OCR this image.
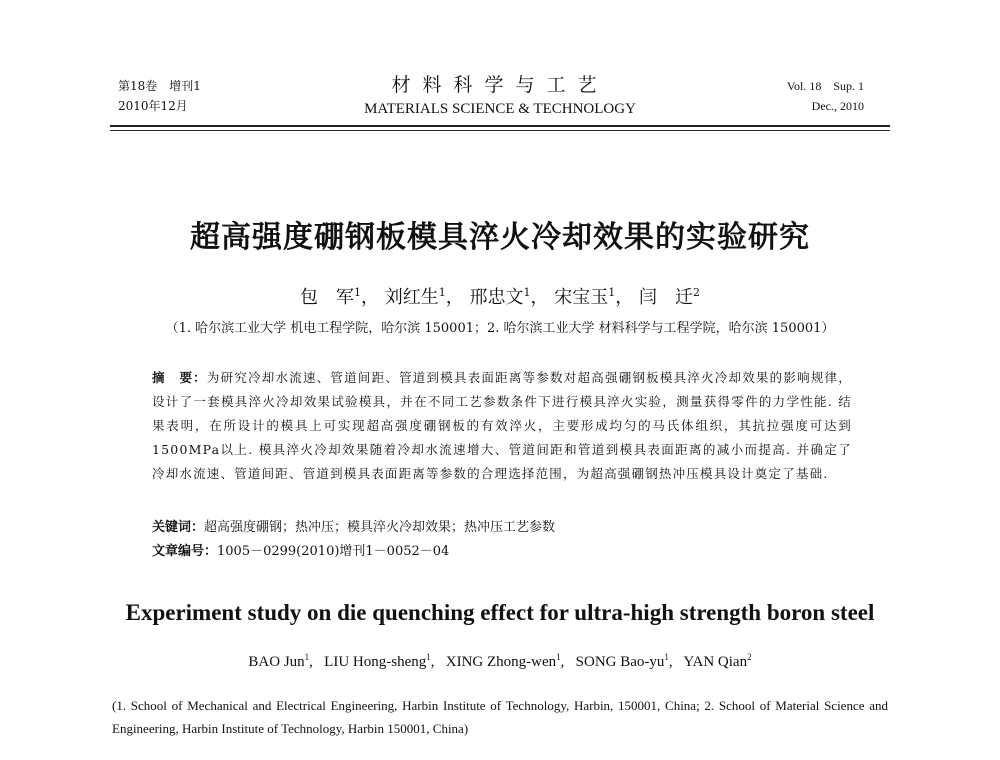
第18卷　增刊1
2010年12月
材料科学与工艺
MATERIALS SCIENCE & TECHNOLOGY
Vol. 18　Sup. 1
Dec., 2010
超高强度硼钢板模具淬火冷却效果的实验研究
包　军$^1$， 刘红生$^1$， 邢忠文$^1$， 宋宝玉$^1$， 闫　迁$^2$
（1. 哈尔滨工业大学 机电工程学院，哈尔滨 150001；2. 哈尔滨工业大学 材料科学与工程学院，哈尔滨 150001）
摘　要：为研究冷却水流速、管道间距、管道到模具表面距离等参数对超高强硼钢板模具淬火冷却效果的影响规律，设计了一套模具淬火冷却效果试验模具，并在不同工艺参数条件下进行模具淬火实验，测量获得零件的力学性能. 结果表明，在所设计的模具上可实现超高强度硼钢板的有效淬火，主要形成均匀的马氏体组织，其抗拉强度可达到1500MPa以上. 模具淬火冷却效果随着冷却水流速增大、管道间距和管道到模具表面距离的减小而提高. 并确定了冷却水流速、管道间距、管道到模具表面距离等参数的合理选择范围，为超高强硼钢热冲压模具设计奠定了基础.
关键词：超高强度硼钢；热冲压；模具淬火冷却效果；热冲压工艺参数
文章编号：1005－0299(2010)增刊1－0052－04
Experiment study on die quenching effect for ultra-high strength boron steel
BAO Jun$^1$,   LIU Hong-sheng$^1$,   XING Zhong-wen$^1$,   SONG Bao-$yu^1$,   YAN Qian$^2$
(1. School of Mechanical and Electrical Engineering, Harbin Institute of Technology, Harbin, 150001, China; 2. School of Material Science and Engineering, Harbin Institute of Technology, Harbin 150001, China)
